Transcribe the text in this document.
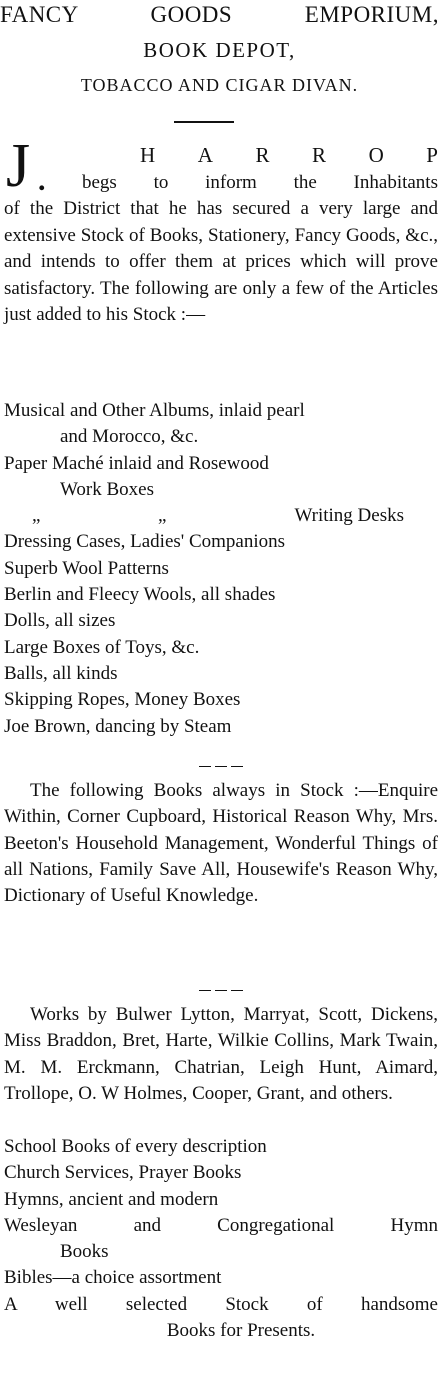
FANCY GOODS EMPORIUM,
BOOK DEPOT,
TOBACCO AND CIGAR DIVAN.
J .
H A R R O P
begs to inform the Inhabitants
of the District that he has secured a very large and extensive Stock of Books, Stationery, Fancy Goods, &c., and intends to offer them at prices which will prove satisfactory. The following are only a few of the Articles just added to his Stock :—
Musical and Other Albums, inlaid pearl
and Morocco, &c.
Paper Maché inlaid and Rosewood
Work Boxes
„	„	Writing Desks
Dressing Cases, Ladies' Companions
Superb Wool Patterns
Berlin and Fleecy Wools, all shades
Dolls, all sizes
Large Boxes of Toys, &c.
Balls, all kinds
Skipping Ropes, Money Boxes
Joe Brown, dancing by Steam
The following Books always in Stock :—Enquire Within, Corner Cupboard, Historical Reason Why, Mrs. Beeton's Household Management, Wonderful Things of all Nations, Family Save All, Housewife's Reason Why, Dictionary of Useful Knowledge.
Works by Bulwer Lytton, Marryat, Scott, Dickens, Miss Braddon, Bret, Harte, Wilkie Collins, Mark Twain, M. M. Erckmann, Chatrian, Leigh Hunt, Aimard, Trollope, O. W Holmes, Cooper, Grant, and others.
School Books of every description
Church Services, Prayer Books
Hymns, ancient and modern
Wesleyan and Congregational Hymn
Books
Bibles—a choice assortment
A well selected Stock of handsome
Books for Presents.
